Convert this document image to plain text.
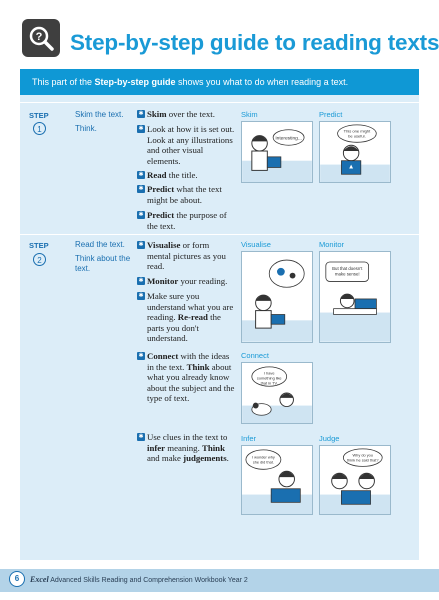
? Step-by-step guide to reading texts
This part of the Step-by-step guide shows you what to do when reading a text.
STEP
1
Skim the text.
Think.
✱ Skim over the text.
✱ Look at how it is set out. Look at any illustrations and other visual elements.
✱ Read the title.
✱ Predict what the text might be about.
✱ Predict the purpose of the text.
Skim
Interesting...
Predict
This one might
be useful.
STEP
2
Read the text.
Think about the text.
✱ Visualise or form mental pictures as you read.
✱ Monitor your reading.
✱ Make sure you understand what you are reading. Re-read the parts you don't understand.
✱ Connect with the ideas in the text. Think about what you already know about the subject and the type of text.
✱ Use clues in the text to infer meaning. Think and make judgements.
Visualise	Monitor
But that doesn't
make sense!
Connect
I have
something like
that in TV.
Infer
I wonder why
she did that.
Judge
Why do you
think he said that?
6	Excel Advanced Skills Reading and Comprehension Workbook Year 2
